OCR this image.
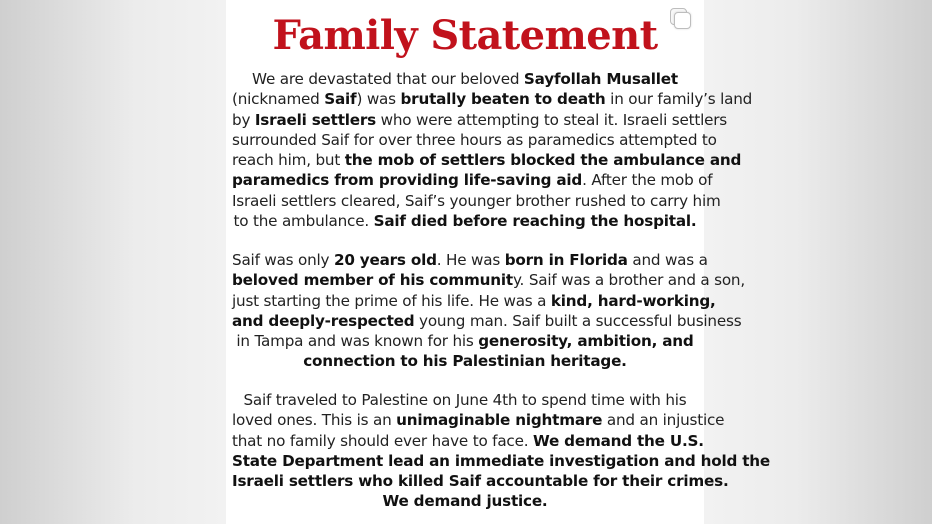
Family Statement
We are devastated that our beloved Sayfollah Musallet
(nicknamed Saif) was brutally beaten to death in our family’s land
by Israeli settlers who were attempting to steal it. Israeli settlers
surrounded Saif for over three hours as paramedics attempted to
reach him, but the mob of settlers blocked the ambulance and
paramedics from providing life-saving aid. After the mob of
Israeli settlers cleared, Saif’s younger brother rushed to carry him
to the ambulance. Saif died before reaching the hospital.
Saif was only 20 years old. He was born in Florida and was a
beloved member of his community. Saif was a brother and a son,
just starting the prime of his life. He was a kind, hard-working,
and deeply-respected young man. Saif built a successful business
in Tampa and was known for his generosity, ambition, and
connection to his Palestinian heritage.
Saif traveled to Palestine on June 4th to spend time with his
loved ones. This is an unimaginable nightmare and an injustice
that no family should ever have to face. We demand the U.S.
State Department lead an immediate investigation and hold the
Israeli settlers who killed Saif accountable for their crimes.
We demand justice.
